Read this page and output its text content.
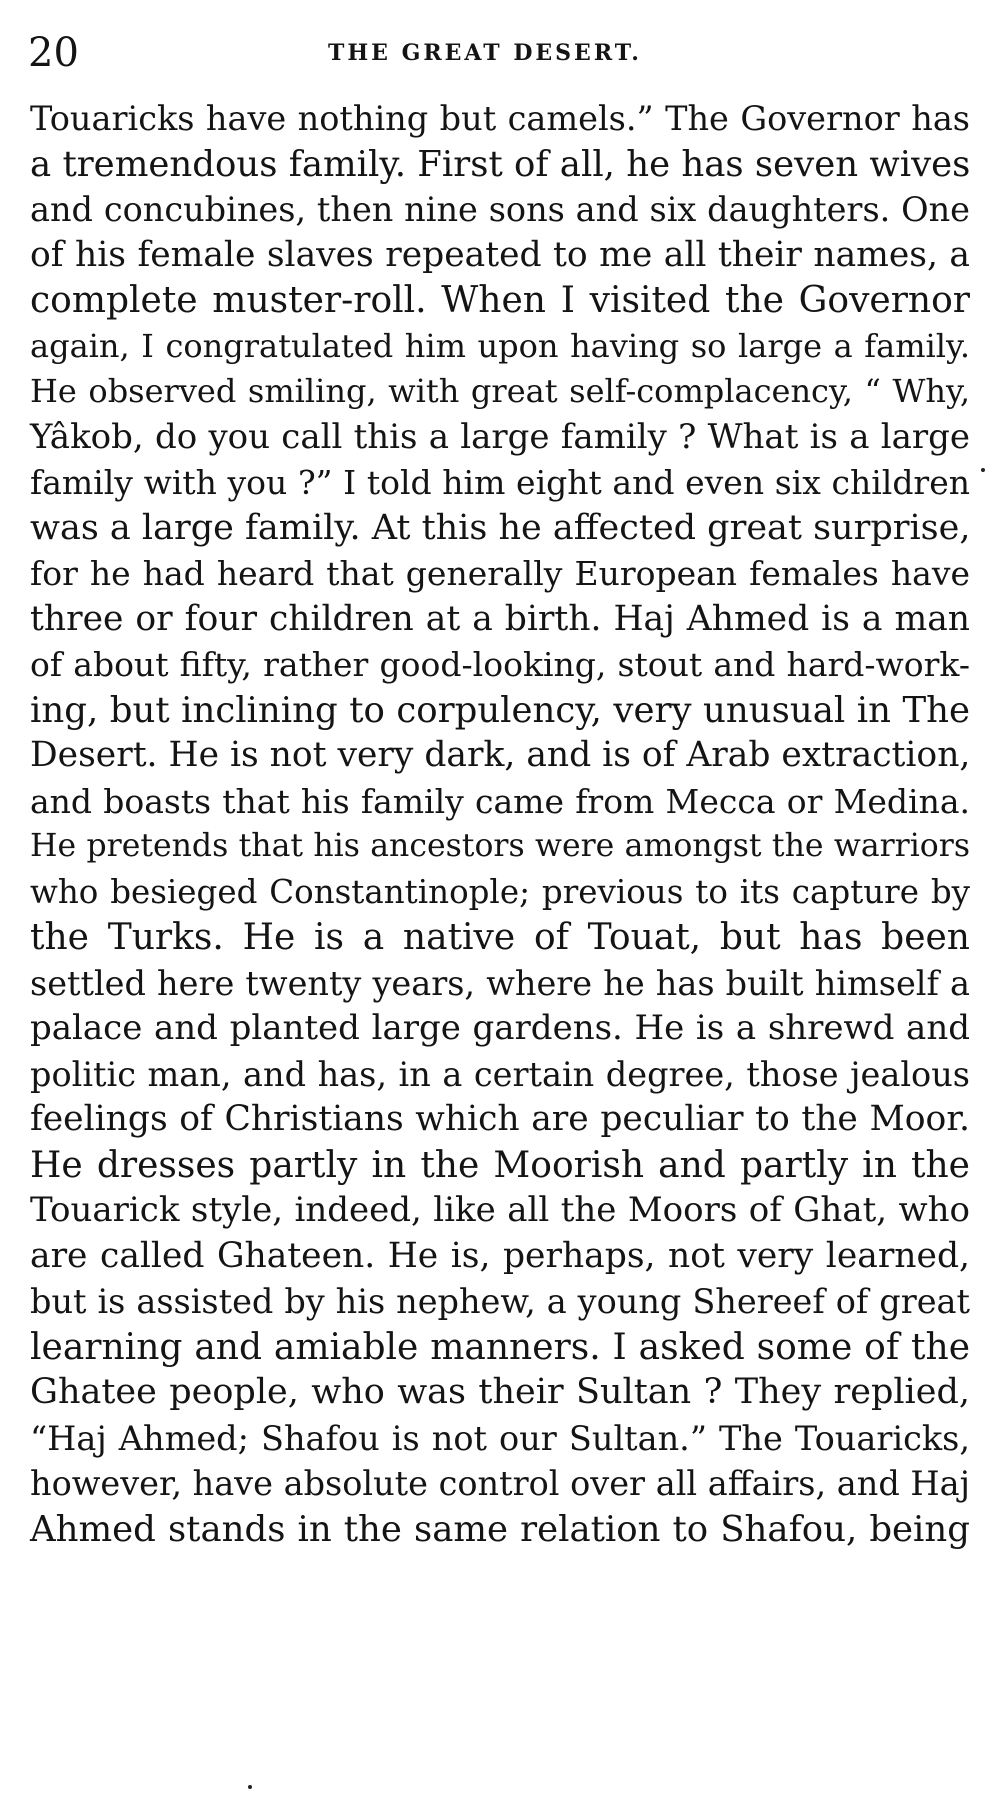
20	THE GREAT DESERT.
Touaricks have nothing but camels.” The Governor has
a tremendous family. First of all, he has seven wives
and concubines, then nine sons and six daughters. One
of his female slaves repeated to me all their names, a
complete muster-roll. When I visited the Governor
again, I congratulated him upon having so large a family.
He observed smiling, with great self-complacency, “ Why,
Yâkob, do you call this a large family ? What is a large
family with you ?” I told him eight and even six children
was a large family. At this he affected great surprise,
for he had heard that generally European females have
three or four children at a birth. Haj Ahmed is a man
of about fifty, rather good-looking, stout and hard-work-
ing, but inclining to corpulency, very unusual in The
Desert. He is not very dark, and is of Arab extraction,
and boasts that his family came from Mecca or Medina.
He pretends that his ancestors were amongst the warriors
who besieged Constantinople; previous to its capture by
the Turks. He is a native of Touat, but has been
settled here twenty years, where he has built himself a
palace and planted large gardens. He is a shrewd and
politic man, and has, in a certain degree, those jealous
feelings of Christians which are peculiar to the Moor.
He dresses partly in the Moorish and partly in the
Touarick style, indeed, like all the Moors of Ghat, who
are called Ghateen. He is, perhaps, not very learned,
but is assisted by his nephew, a young Shereef of great
learning and amiable manners. I asked some of the
Ghatee people, who was their Sultan ? They replied,
“Haj Ahmed; Shafou is not our Sultan.” The Touaricks,
however, have absolute control over all affairs, and Haj
Ahmed stands in the same relation to Shafou, being
